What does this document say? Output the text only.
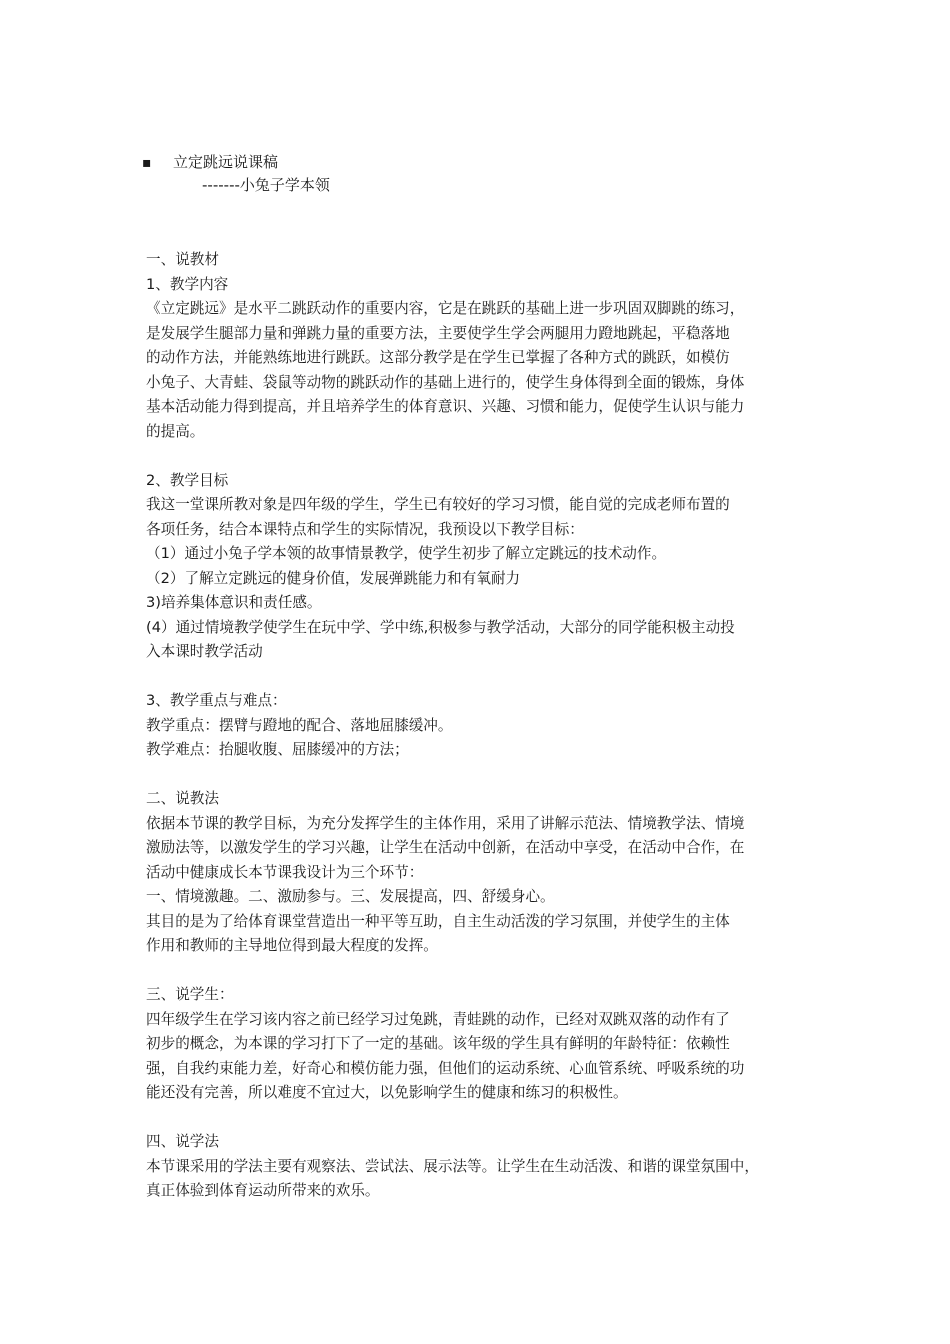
▪ 立定跳远说课稿
-------小兔子学本领
一、说教材
1、教学内容
《立定跳远》是水平二跳跃动作的重要内容，它是在跳跃的基础上进一步巩固双脚跳的练习，
是发展学生腿部力量和弹跳力量的重要方法，主要使学生学会两腿用力蹬地跳起，平稳落地
的动作方法，并能熟练地进行跳跃。这部分教学是在学生已掌握了各种方式的跳跃，如模仿
小兔子、大青蛙、袋鼠等动物的跳跃动作的基础上进行的，使学生身体得到全面的锻炼，身体
基本活动能力得到提高，并且培养学生的体育意识、兴趣、习惯和能力，促使学生认识与能力
的提高。
2、教学目标
我这一堂课所教对象是四年级的学生，学生已有较好的学习习惯，能自觉的完成老师布置的
各项任务，结合本课特点和学生的实际情况，我预设以下教学目标：
（1）通过小兔子学本领的故事情景教学，使学生初步了解立定跳远的技术动作。
（2）了解立定跳远的健身价值，发展弹跳能力和有氧耐力
3)培养集体意识和责任感。
(4）通过情境教学使学生在玩中学、学中练,积极参与教学活动，大部分的同学能积极主动投
入本课时教学活动
3、教学重点与难点：
教学重点：摆臂与蹬地的配合、落地屈膝缓冲。
教学难点：抬腿收腹、屈膝缓冲的方法；
二、说教法
依据本节课的教学目标，为充分发挥学生的主体作用，采用了讲解示范法、情境教学法、情境
激励法等，以激发学生的学习兴趣，让学生在活动中创新，在活动中享受，在活动中合作，在
活动中健康成长本节课我设计为三个环节：
一、情境激趣。二、激励参与。三、发展提高，四、舒缓身心。
其目的是为了给体育课堂营造出一种平等互助，自主生动活泼的学习氛围，并使学生的主体
作用和教师的主导地位得到最大程度的发挥。
三、说学生：
四年级学生在学习该内容之前已经学习过兔跳，青蛙跳的动作，已经对双跳双落的动作有了
初步的概念，为本课的学习打下了一定的基础。该年级的学生具有鲜明的年龄特征：依赖性
强，自我约束能力差，好奇心和模仿能力强，但他们的运动系统、心血管系统、呼吸系统的功
能还没有完善，所以难度不宜过大，以免影响学生的健康和练习的积极性。
四、说学法
本节课采用的学法主要有观察法、尝试法、展示法等。让学生在生动活泼、和谐的课堂氛围中，
真正体验到体育运动所带来的欢乐。
